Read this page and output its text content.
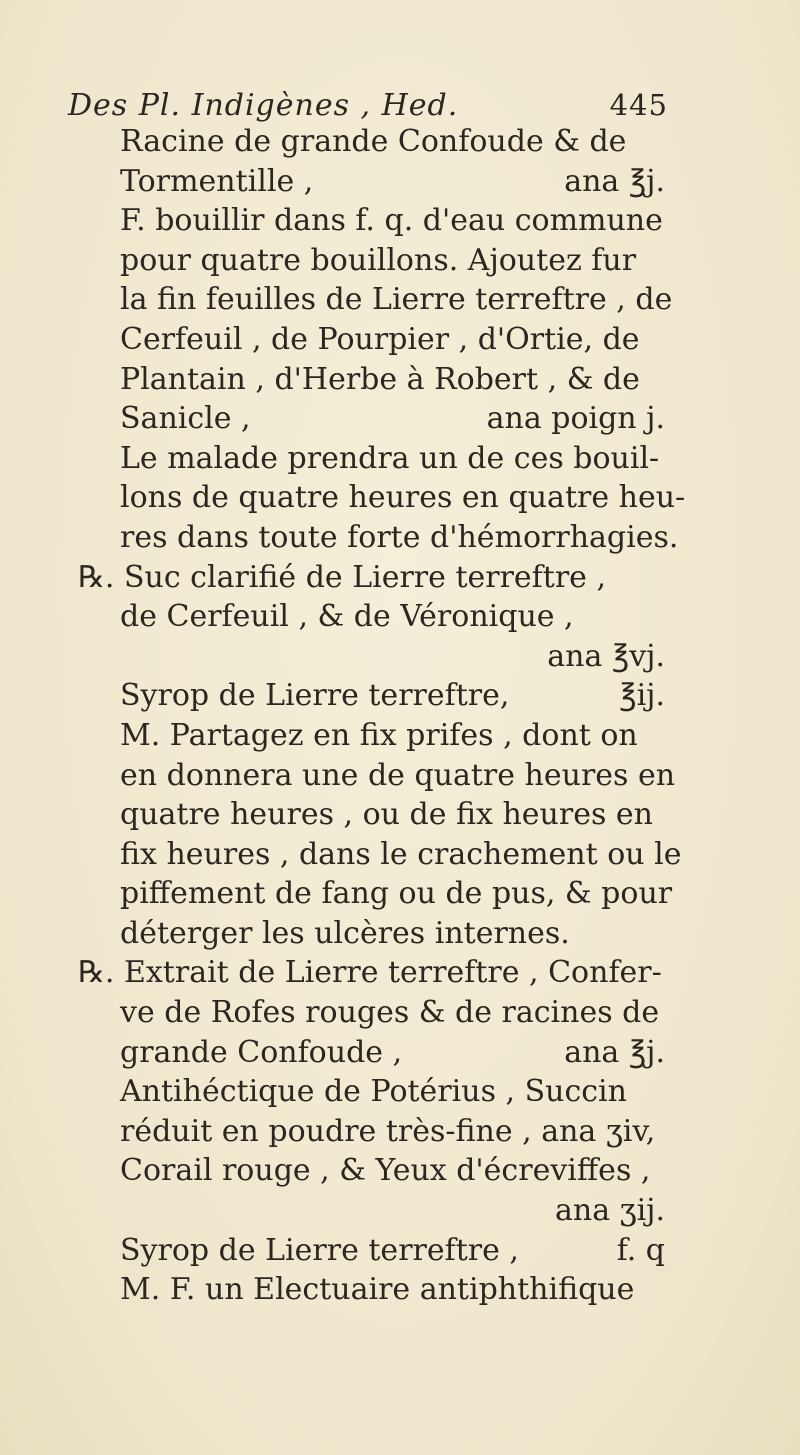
Des Pl. Indigènes , Hed.	445
Racine de grande Confoude & de
Tormentille ,	ana ℥j.
F. bouillir dans f. q. d'eau commune
pour quatre bouillons. Ajoutez fur
la fin feuilles de Lierre terreftre , de
Cerfeuil , de Pourpier , d'Ortie, de
Plantain , d'Herbe à Robert , & de
Sanicle ,	ana poign j.
Le malade prendra un de ces bouil-
lons de quatre heures en quatre heu-
res dans toute forte d'hémorrhagies.
℞. Suc clarifié de Lierre terreftre ,
de Cerfeuil , & de Véronique ,
ana ℥vj.
Syrop de Lierre terreftre,	℥ij.
M. Partagez en fix prifes , dont on
en donnera une de quatre heures en
quatre heures , ou de fix heures en
fix heures , dans le crachement ou le
piffement de fang ou de pus, & pour
déterger les ulcères internes.
℞. Extrait de Lierre terreftre , Confer-
ve de Rofes rouges & de racines de
grande Confoude ,	ana ℥j.
Antihéctique de Potérius , Succin
réduit en poudre très-fine , ana ʒiv,
Corail rouge , & Yeux d'écreviffes ,
ana ʒij.
Syrop de Lierre terreftre ,	f. q
M. F. un Electuaire antiphthifique
